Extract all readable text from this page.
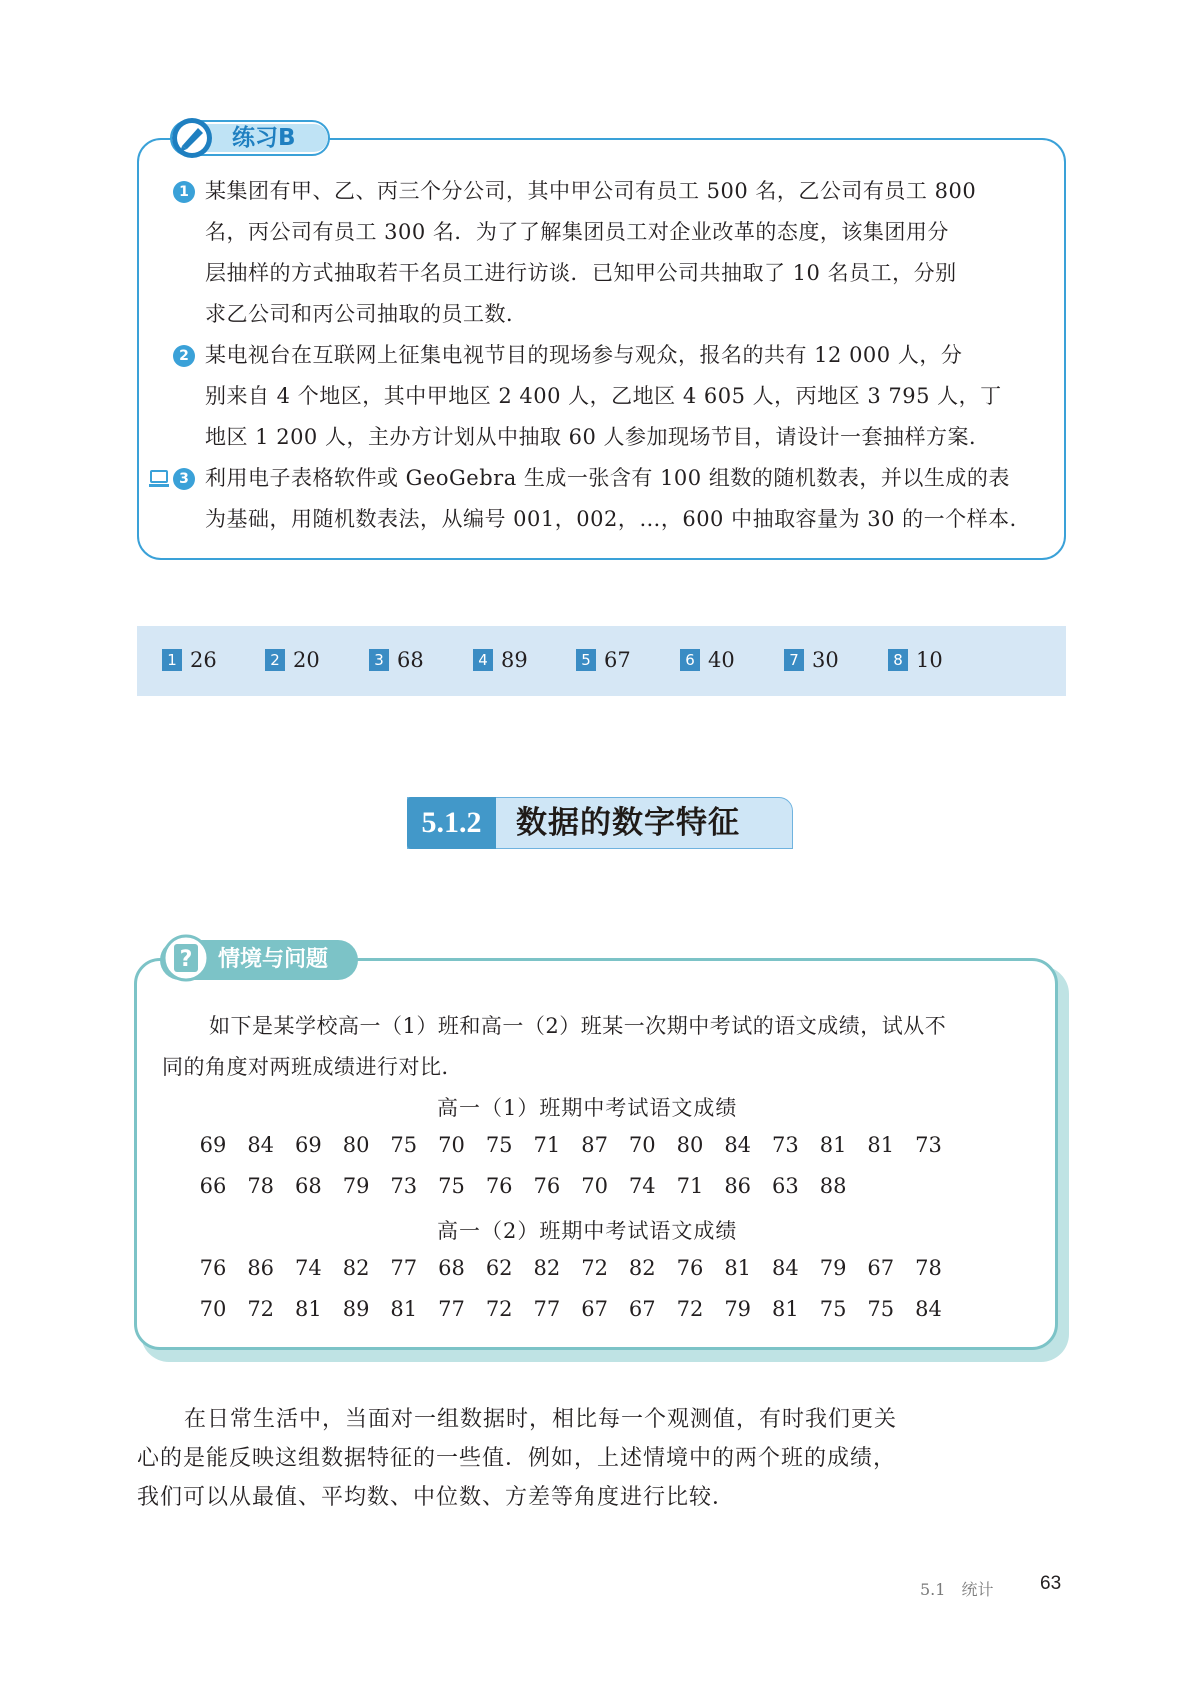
练习B
1 某集团有甲、乙、丙三个分公司，其中甲公司有员工 500 名，乙公司有员工 800
名，丙公司有员工 300 名．为了了解集团员工对企业改革的态度，该集团用分
层抽样的方式抽取若干名员工进行访谈．已知甲公司共抽取了 10 名员工，分别
求乙公司和丙公司抽取的员工数．
2 某电视台在互联网上征集电视节目的现场参与观众，报名的共有 12 000 人，分
别来自 4 个地区，其中甲地区 2 400 人，乙地区 4 605 人，丙地区 3 795 人，丁
地区 1 200 人，主办方计划从中抽取 60 人参加现场节目，请设计一套抽样方案．
3 利用电子表格软件或 GeoGebra 生成一张含有 100 组数的随机数表，并以生成的表
为基础，用随机数表法，从编号 001，002，…，600 中抽取容量为 30 的一个样本．
1 26	2 20	3 68	4 89	5 67	6 40	7 30	8 10
5.1.2	数据的数字特征
? 情境与问题
如下是某学校高一（1）班和高一（2）班某一次期中考试的语文成绩，试从不
同的角度对两班成绩进行对比．
高一（1）班期中考试语文成绩
69 84 69 80 75 70 75 71 87 70 80 84 73 81 81 73
66 78 68 79 73 75 76 76 70 74 71 86 63 88
高一（2）班期中考试语文成绩
76 86 74 82 77 68 62 82 72 82 76 81 84 79 67 78
70 72 81 89 81 77 72 77 67 67 72 79 81 75 75 84
在日常生活中，当面对一组数据时，相比每一个观测值，有时我们更关
心的是能反映这组数据特征的一些值．例如，上述情境中的两个班的成绩，
我们可以从最值、平均数、中位数、方差等角度进行比较．
5.1　统计 63
